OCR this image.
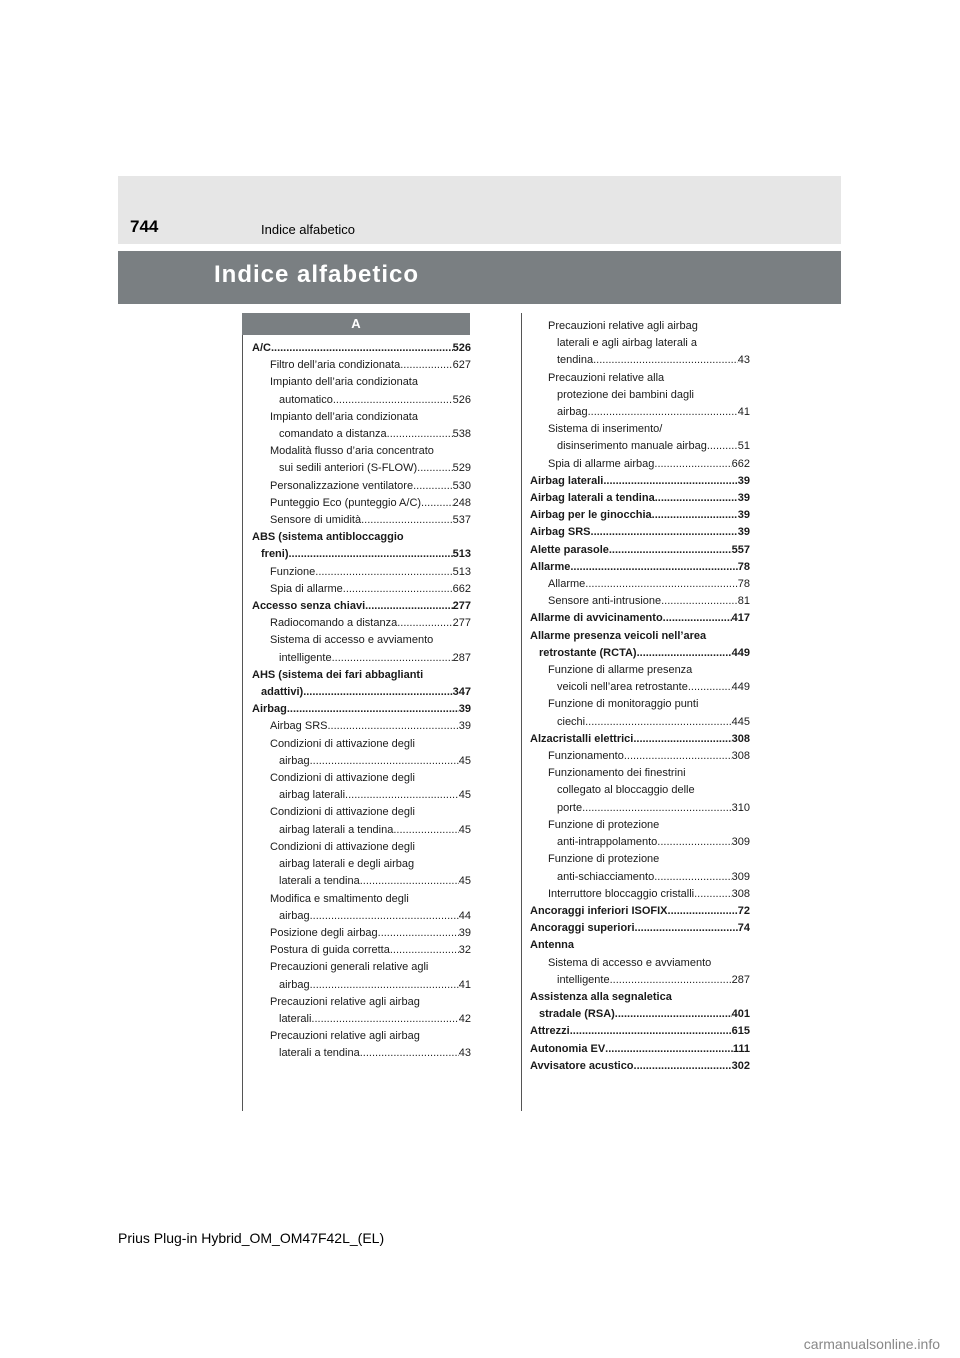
744	Indice alfabetico
Indice alfabetico
A
A/C .....	526
Filtro dell’aria condizionata .....	627
Impianto dell’aria condizionata
automatico .....	526
Impianto dell’aria condizionata
comandato a distanza .....	538
Modalità flusso d’aria concentrato
sui sedili anteriori (S-FLOW) .....	529
Personalizzazione ventilatore .....	530
Punteggio Eco (punteggio A/C) .....	248
Sensore di umidità .....	537
ABS (sistema antibloccaggio
freni) .....	513
Funzione .....	513
Spia di allarme .....	662
Accesso senza chiavi .....	277
Radiocomando a distanza .....	277
Sistema di accesso e avviamento
intelligente .....	287
AHS (sistema dei fari abbaglianti
adattivi) .....	347
Airbag .....	39
Airbag SRS .....	39
Condizioni di attivazione degli
airbag .....	45
Condizioni di attivazione degli
airbag laterali .....	45
Condizioni di attivazione degli
airbag laterali a tendina .....	45
Condizioni di attivazione degli
airbag laterali e degli airbag
laterali a tendina .....	45
Modifica e smaltimento degli
airbag .....	44
Posizione degli airbag .....	39
Postura di guida corretta .....	32
Precauzioni generali relative agli
airbag .....	41
Precauzioni relative agli airbag
laterali .....	42
Precauzioni relative agli airbag
laterali a tendina .....	43
Precauzioni relative agli airbag
laterali e agli airbag laterali a
tendina .....	43
Precauzioni relative alla
protezione dei bambini dagli
airbag .....	41
Sistema di inserimento/
disinserimento manuale airbag .....	51
Spia di allarme airbag .....	662
Airbag laterali .....	39
Airbag laterali a tendina .....	39
Airbag per le ginocchia .....	39
Airbag SRS .....	39
Alette parasole .....	557
Allarme .....	78
Allarme .....	78
Sensore anti-intrusione .....	81
Allarme di avvicinamento .....	417
Allarme presenza veicoli nell’area
retrostante (RCTA) .....	449
Funzione di allarme presenza
veicoli nell’area retrostante .....	449
Funzione di monitoraggio punti
ciechi .....	445
Alzacristalli elettrici .....	308
Funzionamento .....	308
Funzionamento dei finestrini
collegato al bloccaggio delle
porte .....	310
Funzione di protezione
anti-intrappolamento .....	309
Funzione di protezione
anti-schiacciamento .....	309
Interruttore bloccaggio cristalli .....	308
Ancoraggi inferiori ISOFIX .....	72
Ancoraggi superiori .....	74
Antenna
Sistema di accesso e avviamento
intelligente .....	287
Assistenza alla segnaletica
stradale (RSA) .....	401
Attrezzi .....	615
Autonomia EV .....	111
Avvisatore acustico .....	302
Prius Plug-in Hybrid_OM_OM47F42L_(EL)
carmanualsonline.info
